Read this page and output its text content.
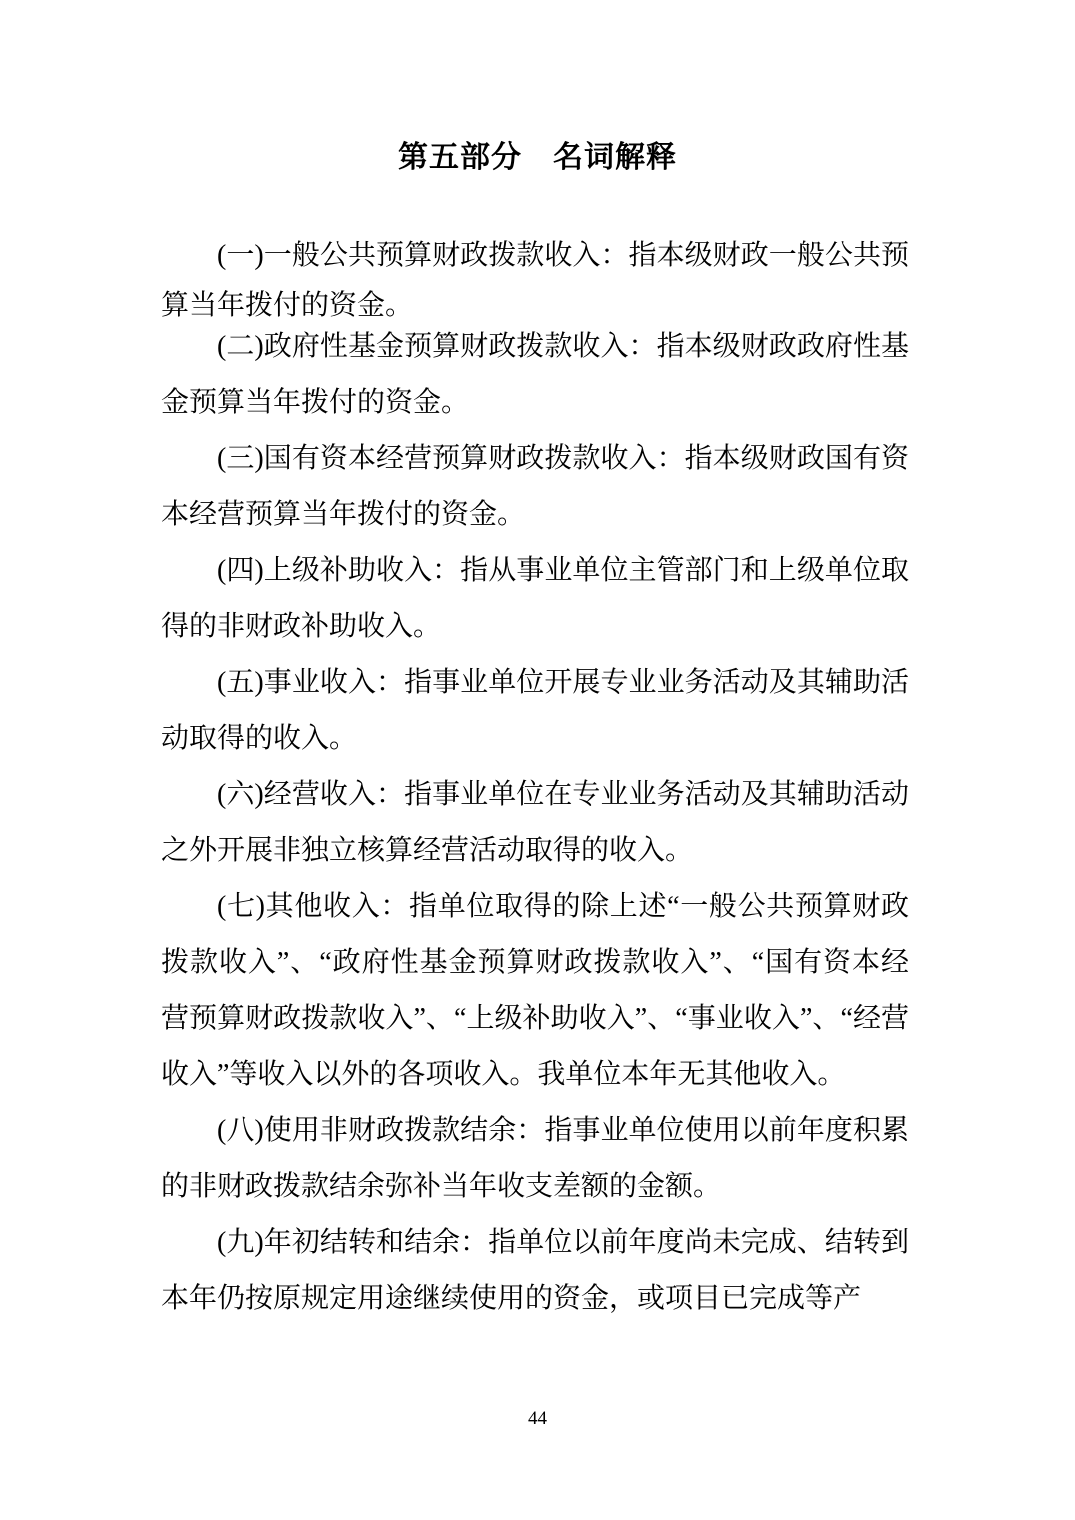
第五部分　名词解释

(一)一般公共预算财政拨款收入：指本级财政一般公共预算当年拨付的资金。

(二)政府性基金预算财政拨款收入：指本级财政政府性基金预算当年拨付的资金。

(三)国有资本经营预算财政拨款收入：指本级财政国有资本经营预算当年拨付的资金。

(四)上级补助收入：指从事业单位主管部门和上级单位取得的非财政补助收入。

(五)事业收入：指事业单位开展专业业务活动及其辅助活动取得的收入。

(六)经营收入：指事业单位在专业业务活动及其辅助活动之外开展非独立核算经营活动取得的收入。

(七)其他收入：指单位取得的除上述“一般公共预算财政拨款收入”、“政府性基金预算财政拨款收入”、“国有资本经营预算财政拨款收入”、“上级补助收入”、“事业收入”、“经营收入”等收入以外的各项收入。我单位本年无其他收入。

(八)使用非财政拨款结余：指事业单位使用以前年度积累的非财政拨款结余弥补当年收支差额的金额。

(九)年初结转和结余：指单位以前年度尚未完成、结转到本年仍按原规定用途继续使用的资金，或项目已完成等产

44
